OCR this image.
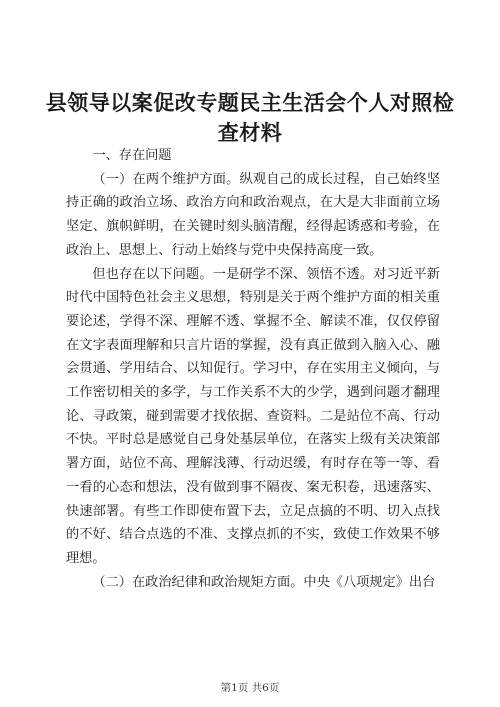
县领导以案促改专题民主生活会个人对照检查材料

一、存在问题

（一）在两个维护方面。纵观自己的成长过程，自己始终坚持正确的政治立场、政治方向和政治观点，在大是大非面前立场坚定、旗帜鲜明，在关键时刻头脑清醒，经得起诱惑和考验，在政治上、思想上、行动上始终与党中央保持高度一致。

但也存在以下问题。一是研学不深、领悟不透。对习近平新时代中国特色社会主义思想，特别是关于两个维护方面的相关重要论述，学得不深、理解不透、掌握不全、解读不准，仅仅停留在文字表面理解和只言片语的掌握，没有真正做到入脑入心、融会贯通、学用结合、以知促行。学习中，存在实用主义倾向，与工作密切相关的多学，与工作关系不大的少学，遇到问题才翻理论、寻政策，碰到需要才找依据、查资料。二是站位不高、行动不快。平时总是感觉自己身处基层单位，在落实上级有关决策部署方面，站位不高、理解浅薄、行动迟缓，有时存在等一等、看一看的心态和想法，没有做到事不隔夜、案无积卷，迅速落实、快速部署。有些工作即使布置下去，立足点搞的不明、切入点找的不好、结合点选的不准、支撑点抓的不实，致使工作效果不够理想。

（二）在政治纪律和政治规矩方面。中央《八项规定》出台

第1页 共6页
